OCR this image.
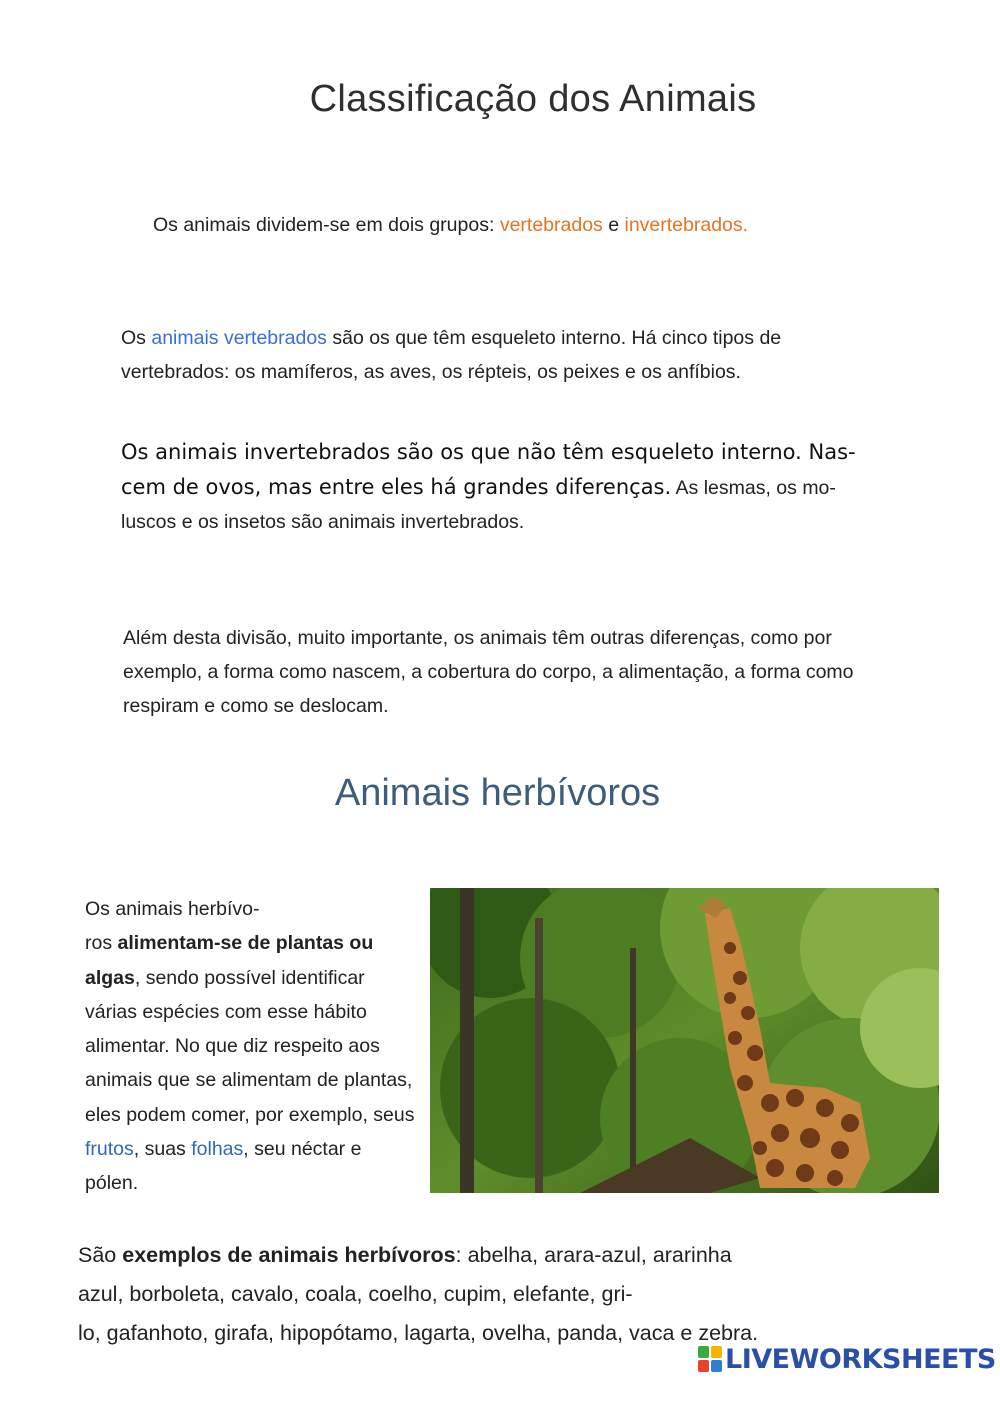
Classificação dos Animais
Os animais dividem-se em dois grupos: vertebrados e invertebrados.
Os animais vertebrados são os que têm esqueleto interno. Há cinco tipos de vertebrados: os mamíferos, as aves, os répteis, os peixes e os anfíbios.
Os animais invertebrados são os que não têm esqueleto interno. Nas- cem de ovos, mas entre eles há grandes diferenças. As lesmas, os mo- luscos e os insetos são animais invertebrados.
Além desta divisão, muito importante, os animais têm outras diferenças, como por exemplo, a forma como nascem, a cobertura do corpo, a alimentação, a forma como respiram e como se deslocam.
Animais herbívoros
Os animais herbívo-
ros alimentam-se de plantas ou algas, sendo possível identificar várias espécies com esse hábito alimentar. No que diz respeito aos animais que se alimentam de plantas, eles podem comer, por exemplo, seus frutos, suas folhas, seu néctar e pólen.
São exemplos de animais herbívoros: abelha, arara-azul, ararinha
azul, borboleta, cavalo, coala, coelho, cupim, elefante, gri-
lo, gafanhoto, girafa, hipopótamo, lagarta, ovelha, panda, vaca e zebra.
LIVEWORKSHEETS
